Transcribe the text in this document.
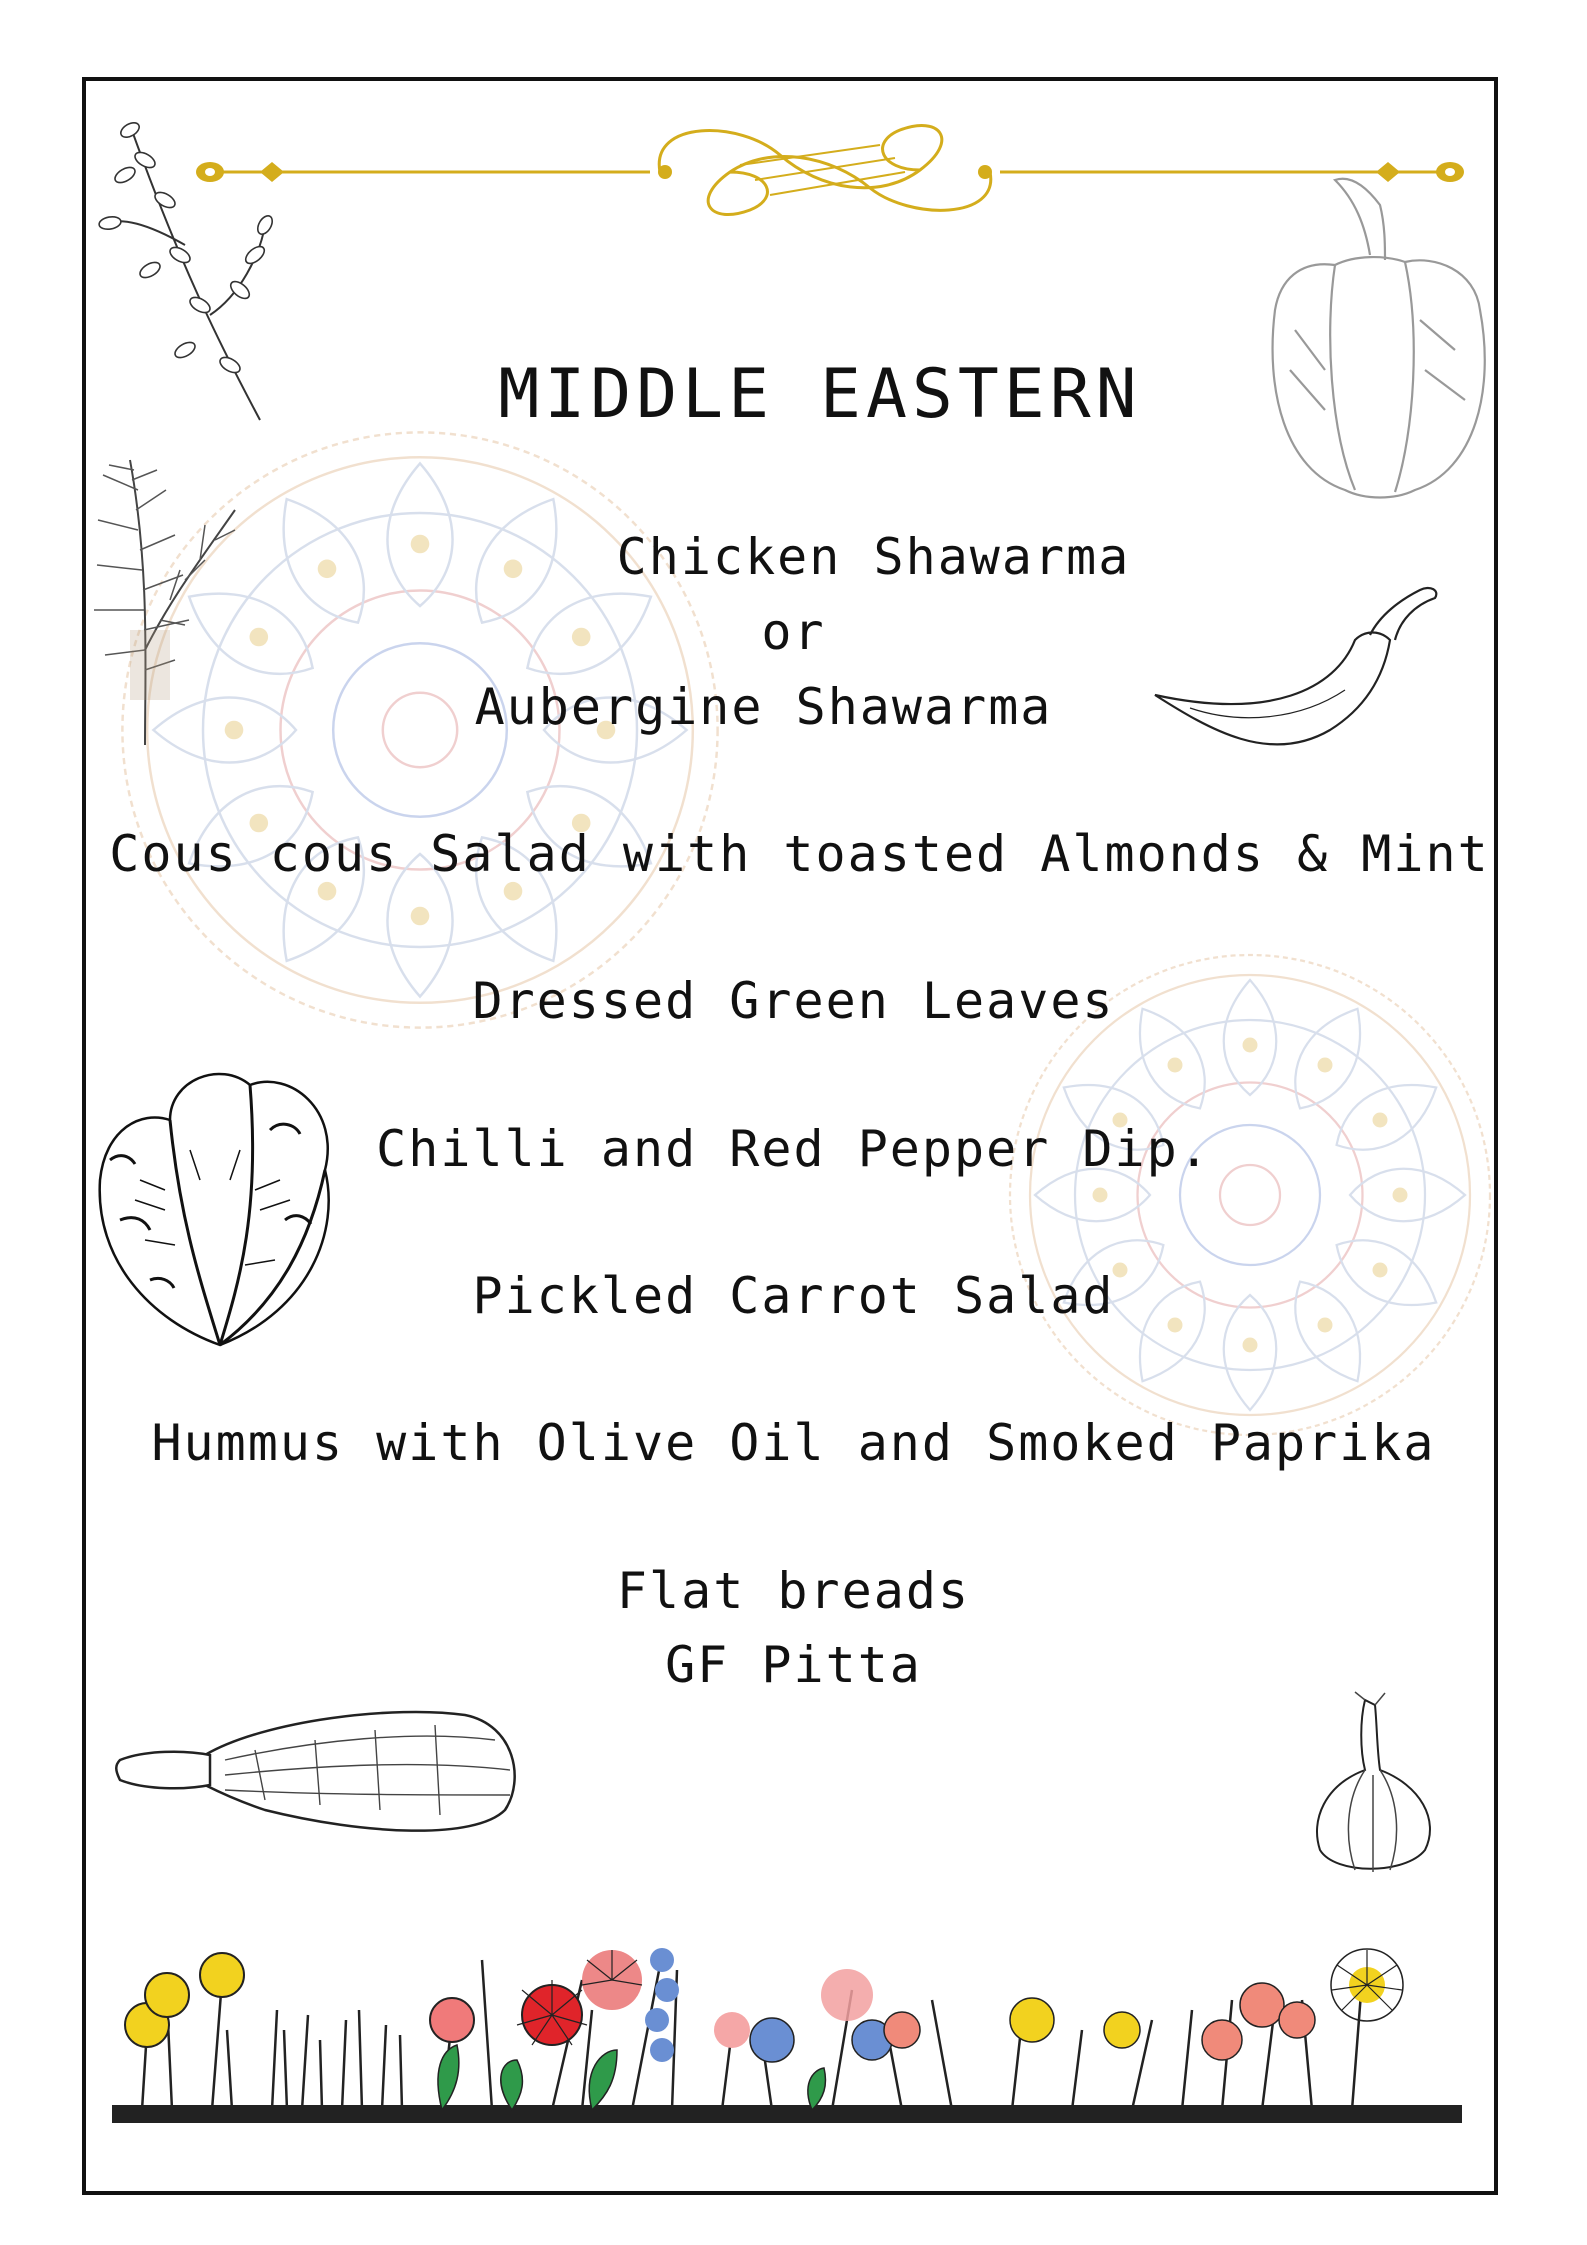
MIDDLE EASTERN
Chicken Shawarma
or
Aubergine Shawarma
Cous cous Salad with toasted Almonds & Mint
Dressed Green Leaves
Chilli and Red Pepper Dip.
Pickled Carrot Salad
Hummus with Olive Oil and Smoked Paprika
Flat breads
GF Pitta
